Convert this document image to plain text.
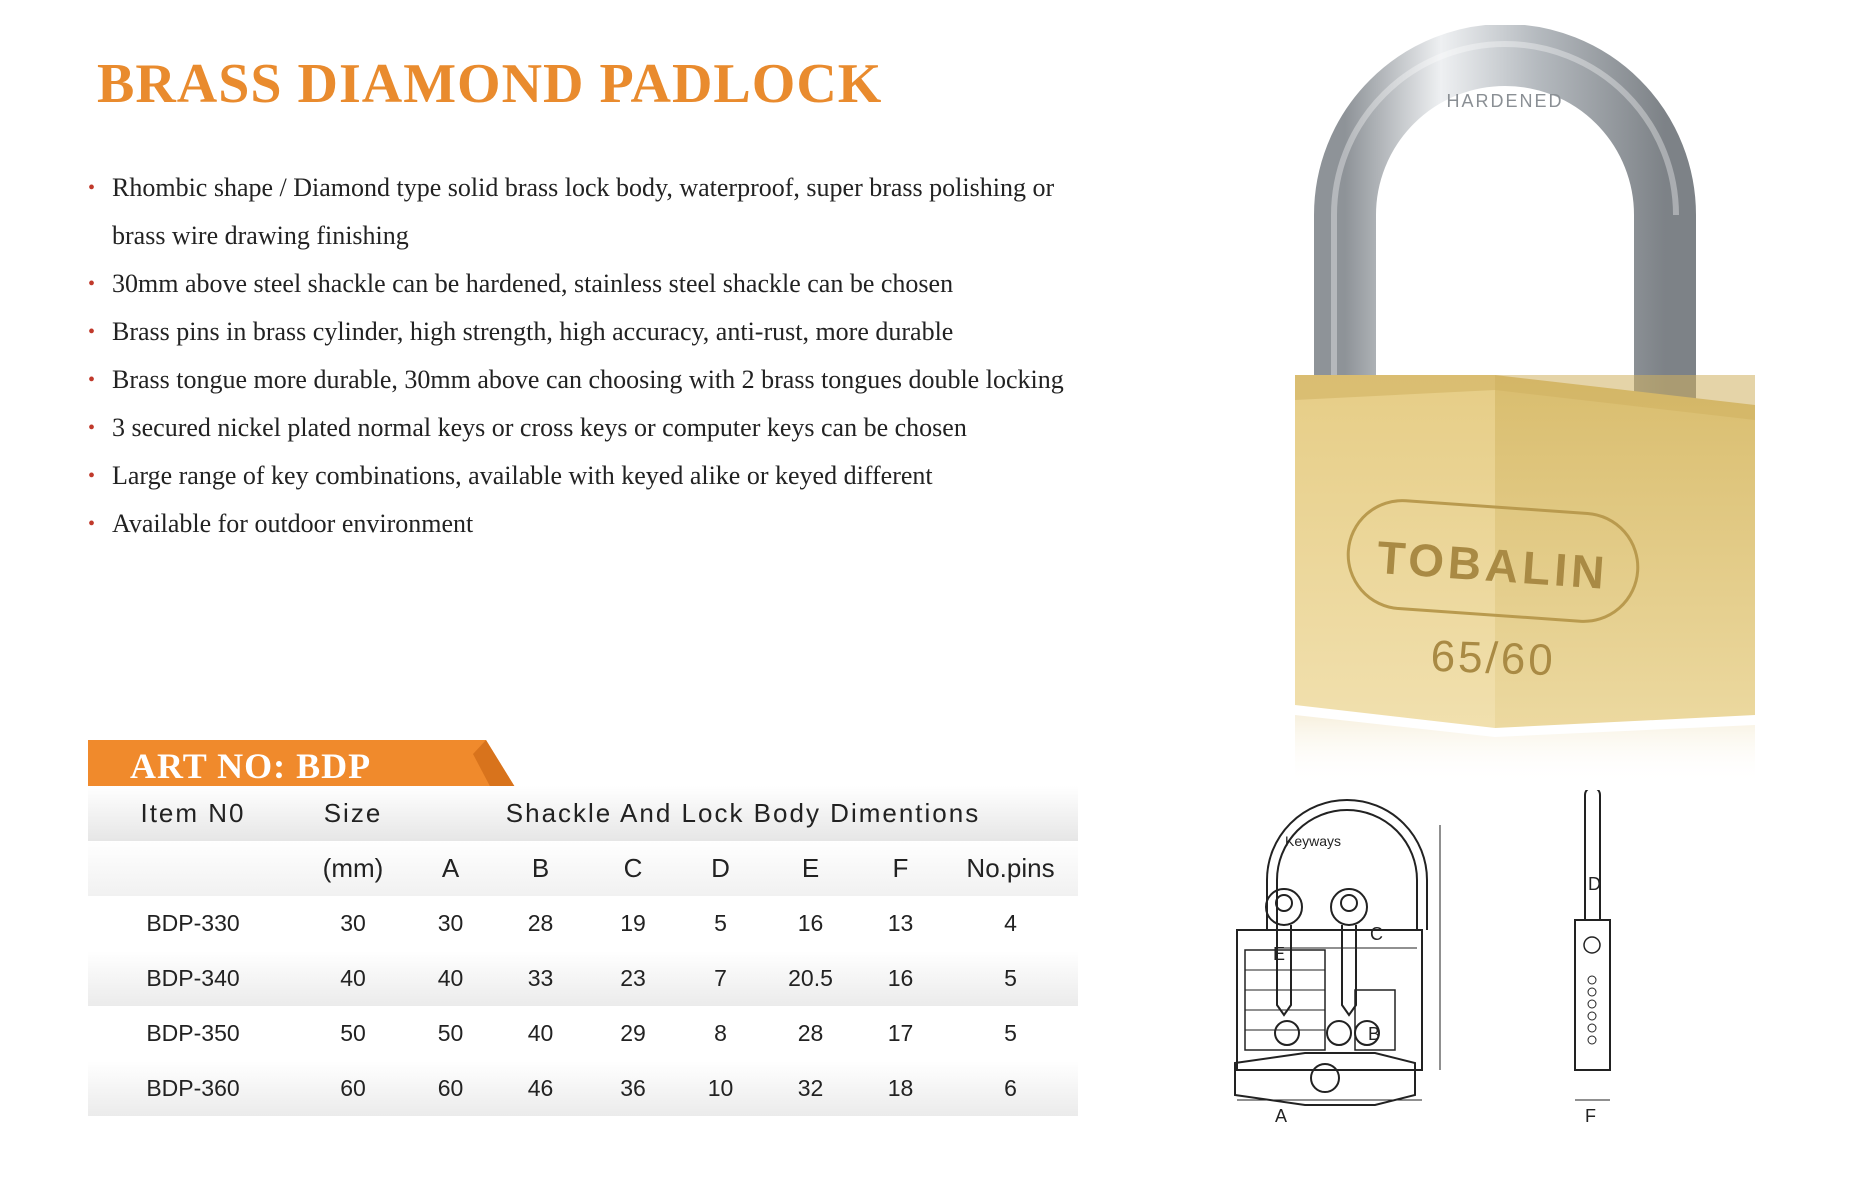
BRASS DIAMOND PADLOCK
• Rhombic shape / Diamond type solid brass lock body, waterproof, super brass polishing or brass wire drawing finishing
• 30mm above steel shackle can be hardened, stainless steel shackle can be chosen
• Brass pins in brass cylinder, high strength, high accuracy, anti-rust, more durable
• Brass tongue more durable, 30mm above can choosing with 2 brass tongues double locking
• 3 secured nickel plated normal keys or cross keys or computer keys can be chosen
• Large range of key combinations, available with keyed alike or keyed different
• Available for outdoor environment
ART NO: BDP
Item N0	Size	Shackle And Lock Body Dimentions						
	(mm)	A	B	C	D	E	F	No.pins
BDP-330	30	30	28	19	5	16	13	4
BDP-340	40	40	33	23	7	20.5	16	5
BDP-350	50	50	40	29	8	28	17	5
BDP-360	60	60	46	36	10	32	18	6
HARDENED
TOBALIN
65/60
Keyways
A
B
C
E
D
F
